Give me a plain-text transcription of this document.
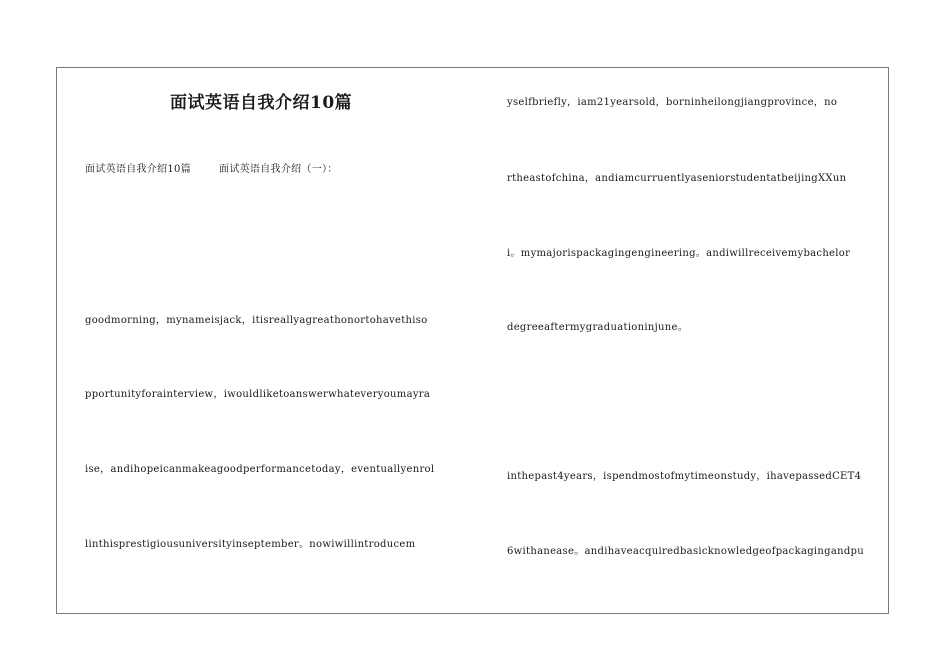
面试英语自我介绍10篇
面试英语自我介绍10篇	面试英语自我介绍（一）：
goodmorning，mynameisjack，itisreallyagreathonortohavethiso
pportunityforainterview，iwouldliketoanswerwhateveryoumayra
ise，andihopeicanmakeagoodperformancetoday，eventuallyenrol
linthisprestigiousuniversityinseptember。nowiwillintroducem
yselfbriefly，iam21yearsold，borninheilongjiangprovince，no
rtheastofchina，andiamcurruentlyaseniorstudentatbeijingXXun
i。mymajorispackagingengineering。andiwillreceivemybachelor
degreeaftermygraduationinjune。
inthepast4years，ispendmostofmytimeonstudy，ihavepassedCET4
6withanease。andihaveacquiredbasicknowledgeofpackagingandpu
